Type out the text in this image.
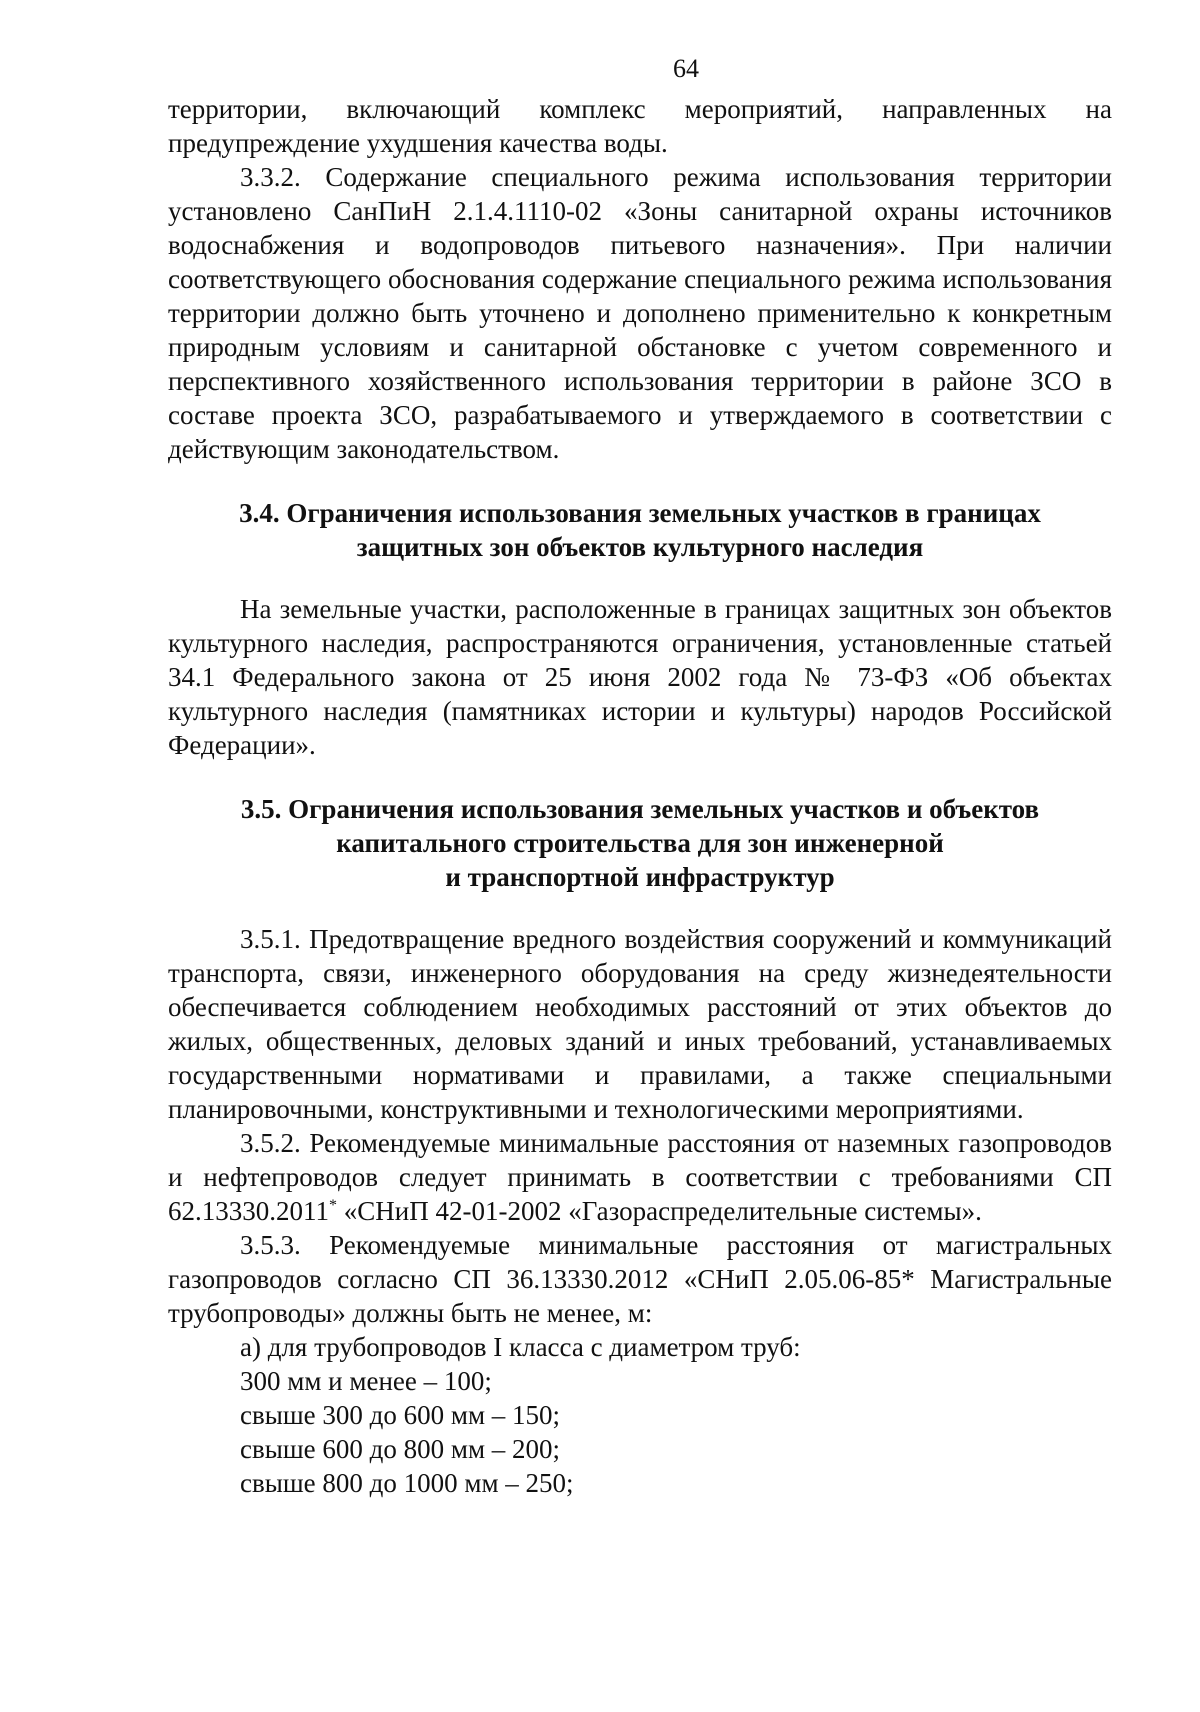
64

территории, включающий комплекс мероприятий, направленных на предупреждение ухудшения качества воды.

3.3.2. Содержание специального режима использования территории установлено СанПиН 2.1.4.1110-02 «Зоны санитарной охраны источников водоснабжения и водопроводов питьевого назначения». При наличии соответствующего обоснования содержание специального режима использования территории должно быть уточнено и дополнено применительно к конкретным природным условиям и санитарной обстановке с учетом современного и перспективного хозяйственного использования территории в районе ЗСО в составе проекта ЗСО, разрабатываемого и утверждаемого в соответствии с действующим законодательством.

3.4. Ограничения использования земельных участков в границах
защитных зон объектов культурного наследия

На земельные участки, расположенные в границах защитных зон объектов культурного наследия, распространяются ограничения, установленные статьей 34.1 Федерального закона от 25 июня 2002 года № 73-ФЗ «Об объектах культурного наследия (памятниках истории и культуры) народов Российской Федерации».

3.5. Ограничения использования земельных участков и объектов
капитального строительства для зон инженерной
и транспортной инфраструктур

3.5.1. Предотвращение вредного воздействия сооружений и коммуникаций транспорта, связи, инженерного оборудования на среду жизнедеятельности обеспечивается соблюдением необходимых расстояний от этих объектов до жилых, общественных, деловых зданий и иных требований, устанавливаемых государственными нормативами и правилами, а также специальными планировочными, конструктивными и технологическими мероприятиями.

3.5.2. Рекомендуемые минимальные расстояния от наземных газопроводов и нефтепроводов следует принимать в соответствии с требованиями СП 62.13330.2011* «СНиП 42-01-2002 «Газораспределительные системы».

3.5.3. Рекомендуемые минимальные расстояния от магистральных газопроводов согласно СП 36.13330.2012 «СНиП 2.05.06-85* Магистральные трубопроводы» должны быть не менее, м:

а) для трубопроводов I класса с диаметром труб:
300 мм и менее – 100;
свыше 300 до 600 мм – 150;
свыше 600 до 800 мм – 200;
свыше 800 до 1000 мм – 250;
